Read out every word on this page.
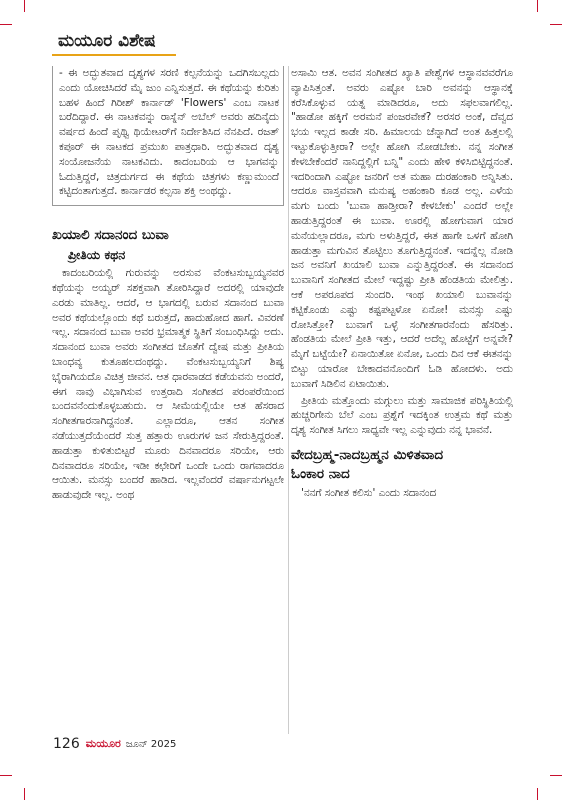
ಮಯೂರ ವಿಶೇಷ

- ಈ ಅದ್ಭುತವಾದ ದೃಶ್ಯಗಳ ಸರಣಿ ಕಲ್ಪನೆಯನ್ನು ಒದಗಿಸಬಲ್ಲದು ಎಂದು ಯೋಚಿಸಿದರೆ ಮೈ ಜುಂ ಎನ್ನಿಸುತ್ತದೆ. ಈ ಕಥೆಯನ್ನು ಕುರಿತು ಬಹಳ ಹಿಂದೆ ಗಿರೀಶ್ ಕಾರ್ನಾಡ್ 'Flowers' ಎಂಬ ನಾಟಕ ಬರೆದಿದ್ದಾರೆ. ಈ ನಾಟಕವನ್ನು ರಾಸ್ನೆನ್ ಅಬೆಲ್ ಅವರು ಹದಿನೈದು ವರ್ಷದ ಹಿಂದೆ ಪೃಥ್ವಿ ಥಿಯೇಟರ್‌ಗೆ ನಿರ್ದೇಶಿಸಿದ ನೆನಪಿದೆ. ರಜತ್ ಕಪೂರ್ ಈ ನಾಟಕದ ಪ್ರಮುಖ ಪಾತ್ರಧಾರಿ. ಅದ್ಭುತವಾದ ದೃಶ್ಯ ಸಂಯೋಜನೆಯ ನಾಟಕವಿದು. ಕಾದಂಬರಿಯ ಆ ಭಾಗವನ್ನು ಓದುತ್ತಿದ್ದರೆ, ಚಿತ್ರದುರ್ಗದ ಈ ಕಥೆಯ ಚಿತ್ರಗಳು ಕಣ್ಣುಮುಂದೆ ಕಟ್ಟಿದಂತಾಗುತ್ತದೆ. ಕಾರ್ನಾಡರ ಕಲ್ಪನಾ ಶಕ್ತಿ ಅಂಥದ್ದು.

ಖಯಾಲಿ ಸದಾನಂದ ಬುವಾ
ಪ್ರೀತಿಯ ಕಥನ

ಕಾದಂಬರಿಯಲ್ಲಿ ಗುರುವನ್ನು ಅರಸುವ ವೆಂಕಟಸುಬ್ಬಯ್ಯನವರ ಕಥೆಯನ್ನು ಅಯ್ಯರ್ ಸಶಕ್ತವಾಗಿ ತೋರಿಸಿದ್ದಾರೆ ಅದರಲ್ಲಿ ಯಾವುದೇ ಎರಡು ಮಾತಿಲ್ಲ. ಆದರೆ, ಆ ಭಾಗದಲ್ಲಿ ಬರುವ ಸದಾನಂದ ಬುವಾ ಅವರ ಕಥೆಯಲ್ಲೊಂದು ಕಥೆ ಬರುತ್ತದೆ, ಹಾದುಹೋದ ಹಾಗೆ. ವಿವರಣೆ ಇಲ್ಲ. ಸದಾನಂದ ಬುವಾ ಅವರ ಭ್ರಮಾತ್ಮಕ ಸ್ಥಿತಿಗೆ ಸಂಬಂಧಿಸಿದ್ದು ಅದು. ಸದಾನಂದ ಬುವಾ ಅವರು ಸಂಗೀತದ ಜೊತೆಗೆ ದ್ವೇಷ ಮತ್ತು ಪ್ರೀತಿಯ ಬಾಂಧವ್ಯ ಕುತೂಹಲದಂಥದ್ದು. ವೆಂಕಟಸುಬ್ಬಯ್ಯನಿಗೆ ಶಿಷ್ಯ ಭೈರಾಗಿಯದೊ ವಿಚಿತ್ರ ಜೀವನ. ಆತ ಧಾರವಾಡದ ಕಡೆಯವನು ಅಂದರೆ, ಈಗ ನಾವು ವಿಭಾಗಿಸುವ ಉತ್ತರಾದಿ ಸಂಗೀತದ ಪರಂಪರೆಯಿಂದ ಬಂದವನೆಂದುಕೊಳ್ಳಬಹುದು. ಆ ಸೀಮೆಯಲ್ಲಿಯೇ ಆತ ಹೆಸರಾದ ಸಂಗೀತಗಾರನಾಗಿದ್ದನಂತೆ. ಎಲ್ಲಾದರೂ, ಆತನ ಸಂಗೀತ ನಡೆಯುತ್ತದೆಯೆಂದರೆ ಸುತ್ತ ಹತ್ತಾರು ಊರುಗಳ ಜನ ಸೇರುತ್ತಿದ್ದರಂತೆ. ಹಾಡುತ್ತಾ ಕುಳಿತುಬಿಟ್ಟರೆ ಮೂರು ದಿನವಾದರೂ ಸರಿಯೇ, ಆರು ದಿನವಾದರೂ ಸರಿಯೇ, ಇಡೀ ಕಛೇರಿಗೆ ಒಂದೇ ಒಂದು ರಾಗವಾದರೂ ಆಯಿತು. ಮನಸ್ಸು ಬಂದರೆ ಹಾಡಿದ. ಇಲ್ಲವೆಂದರೆ ವರ್ಷಾನುಗಟ್ಟಲೇ ಹಾಡುವುದೇ ಇಲ್ಲ. ಅಂಥ

ಅಸಾಮಿ ಆತ. ಅವನ ಸಂಗೀತದ ಖ್ಯಾತಿ ಪೇಶ್ವೆಗಳ ಆಸ್ಥಾನವವರೆಗೂ ವ್ಯಾಪಿಸಿತ್ತಂತೆ. ಅವರು ಎಷ್ಟೋ ಬಾರಿ ಅವನನ್ನು ಆಸ್ಥಾನಕ್ಕೆ ಕರೆಸಿಕೊಳ್ಳುವ ಯತ್ನ ಮಾಡಿದರೂ, ಅದು ಸಫಲವಾಗಲಿಲ್ಲ. "ಹಾಡೋ ಹಕ್ಕಿಗೆ ಅರಮನೆ ಪಂಜರವೇಕೆ? ಅರಸರ ಅಂಕೆ, ದೆವ್ವದ ಭಯ ಇಲ್ಲದ ಕಾಡೇ ಸರಿ. ಹಿಮಾಲಯ ಚೆನ್ನಾಗಿದೆ ಅಂತ ಹಿತ್ತಲಲ್ಲಿ ಇಟ್ಟುಕೊಳ್ಳುತ್ತೀರಾ? ಅಲ್ಲೇ ಹೋಗಿ ನೋಡಬೇಕು. ನನ್ನ ಸಂಗೀತ ಕೇಳಬೇಕೆಂದರೆ ನಾನಿದ್ದಲ್ಲಿಗೆ ಬನ್ನಿ" ಎಂದು ಹೇಳಿ ಕಳಿಸಿಬಿಟ್ಟಿದ್ದನಂತೆ. ಇದರಿಂದಾಗಿ ಎಷ್ಟೋ ಜನರಿಗೆ ಅತ ಮಹಾ ದುರಹಂಕಾರಿ ಅನ್ನಿಸಿತು. ಆದರೂ ವಾಸ್ತವವಾಗಿ ಮನುಷ್ಯ ಅಹಂಕಾರಿ ಕೂಡ ಅಲ್ಲ. ಎಳೆಯ ಮಗು ಬಂದು 'ಬುವಾ ಹಾಡ್ತೀರಾ? ಕೇಳಬೇಕು' ಎಂದರೆ ಅಲ್ಲೇ ಹಾಡುತ್ತಿದ್ದರಂತೆ ಈ ಬುವಾ. ಊರಲ್ಲಿ ಹೋಗುವಾಗ ಯಾರ ಮನೆಯಲ್ಲಾದರೂ, ಮಗು ಅಳುತ್ತಿದ್ದರೆ, ಈತ ಹಾಗೇ ಒಳಗೆ ಹೋಗಿ ಹಾಡುತ್ತಾ ಮಗುವಿನ ತೊಟ್ಟಿಲು ತೂಗುತ್ತಿದ್ದನಂತೆ. ಇದನ್ನೆಲ್ಲ ನೋಡಿ ಜನ ಅವನಿಗೆ ಖಯಾಲಿ ಬುವಾ ಎನ್ನುತ್ತಿದ್ದರಂತೆ. ಈ ಸದಾನಂದ ಬುವಾನಿಗೆ ಸಂಗೀತದ ಮೇಲೆ ಇದ್ದಷ್ಟು ಪ್ರೀತಿ ಹೆಂಡತಿಯ ಮೇಲಿತ್ತು. ಆಕೆ ಅಪರೂಪದ ಸುಂದರಿ. ಇಂಥ ಖಯಾಲಿ ಬುವಾನನ್ನು ಕಟ್ಟಿಕೊಂಡು ಎಷ್ಟು ಕಷ್ಟಪಟ್ಟಳೋ ಏನೋ! ಮನಸ್ಸು ಎಷ್ಟು ರೋಸಿತ್ತೋ? ಬುವಾಗೆ ಒಳ್ಳೆ ಸಂಗೀತಗಾರನೆಂದು ಹೆಸರಿತ್ತು. ಹೆಂಡತಿಯ ಮೇಲೆ ಪ್ರೀತಿ ಇತ್ತು, ಆದರೆ ಅದೆಲ್ಲ ಹೊಟ್ಟೆಗೆ ಅನ್ನವೇ? ಮೈಗೆ ಬಟ್ಟೆಯೇ? ಏನಾಯಿತೋ ಏನೋ, ಒಂದು ದಿನ ಆಕೆ ಈತನನ್ನು ಬಿಟ್ಟು ಯಾರೋ ಬೇಕಾದವನೊಂದಿಗೆ ಓಡಿ ಹೋದಳು. ಅದು ಬುವಾಗೆ ಸಿಡಿಲಿನ ಏಟಾಯಿತು.

ಪ್ರೀತಿಯ ಮತ್ತೊಂದು ಮಗ್ಗುಲು ಮತ್ತು ಸಾಮಾಜಿಕ ಪರಿಸ್ಥಿತಿಯಲ್ಲಿ ಹುಚ್ಚರಿಗೇನು ಬೆಲೆ ಎಂಬ ಪ್ರಶ್ನೆಗೆ ಇದಕ್ಕಿಂತ ಉತ್ತಮ ಕಥೆ ಮತ್ತು ದೃಶ್ಯ ಸಂಗೀತ ಸಿಗಲು ಸಾಧ್ಯವೇ ಇಲ್ಲ ಎನ್ನುವುದು ನನ್ನ ಭಾವನೆ.

ವೇದಬ್ರಹ್ಮ-ನಾದಬ್ರಹ್ಮನ ಮಿಳಿತವಾದ
ಓಂಕಾರ ನಾದ

'ನನಗೆ ಸಂಗೀತ ಕಲಿಸು' ಎಂದು ಸದಾನಂದ

126 ಮಯೂರ ಜೂನ್ 2025
